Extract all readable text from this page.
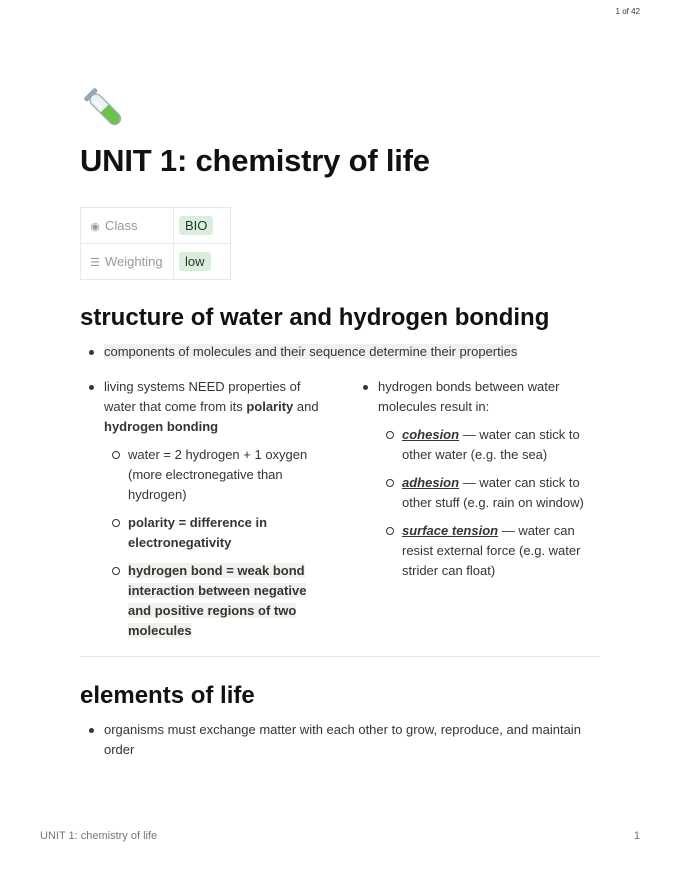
1 of 42
UNIT 1: chemistry of life
◉ Class	BIO
☰ Weighting	low
structure of water and hydrogen bonding
components of molecules and their sequence determine their properties
living systems NEED properties of water that come from its polarity and hydrogen bonding
water = 2 hydrogen + 1 oxygen (more electronegative than hydrogen)
polarity = difference in electronegativity
hydrogen bond = weak bond interaction between negative and positive regions of two molecules
hydrogen bonds between water molecules result in:
cohesion — water can stick to other water (e.g. the sea)
adhesion — water can stick to other stuff (e.g. rain on window)
surface tension — water can resist external force (e.g. water strider can float)
elements of life
organisms must exchange matter with each other to grow, reproduce, and maintain order
UNIT 1: chemistry of life	1
